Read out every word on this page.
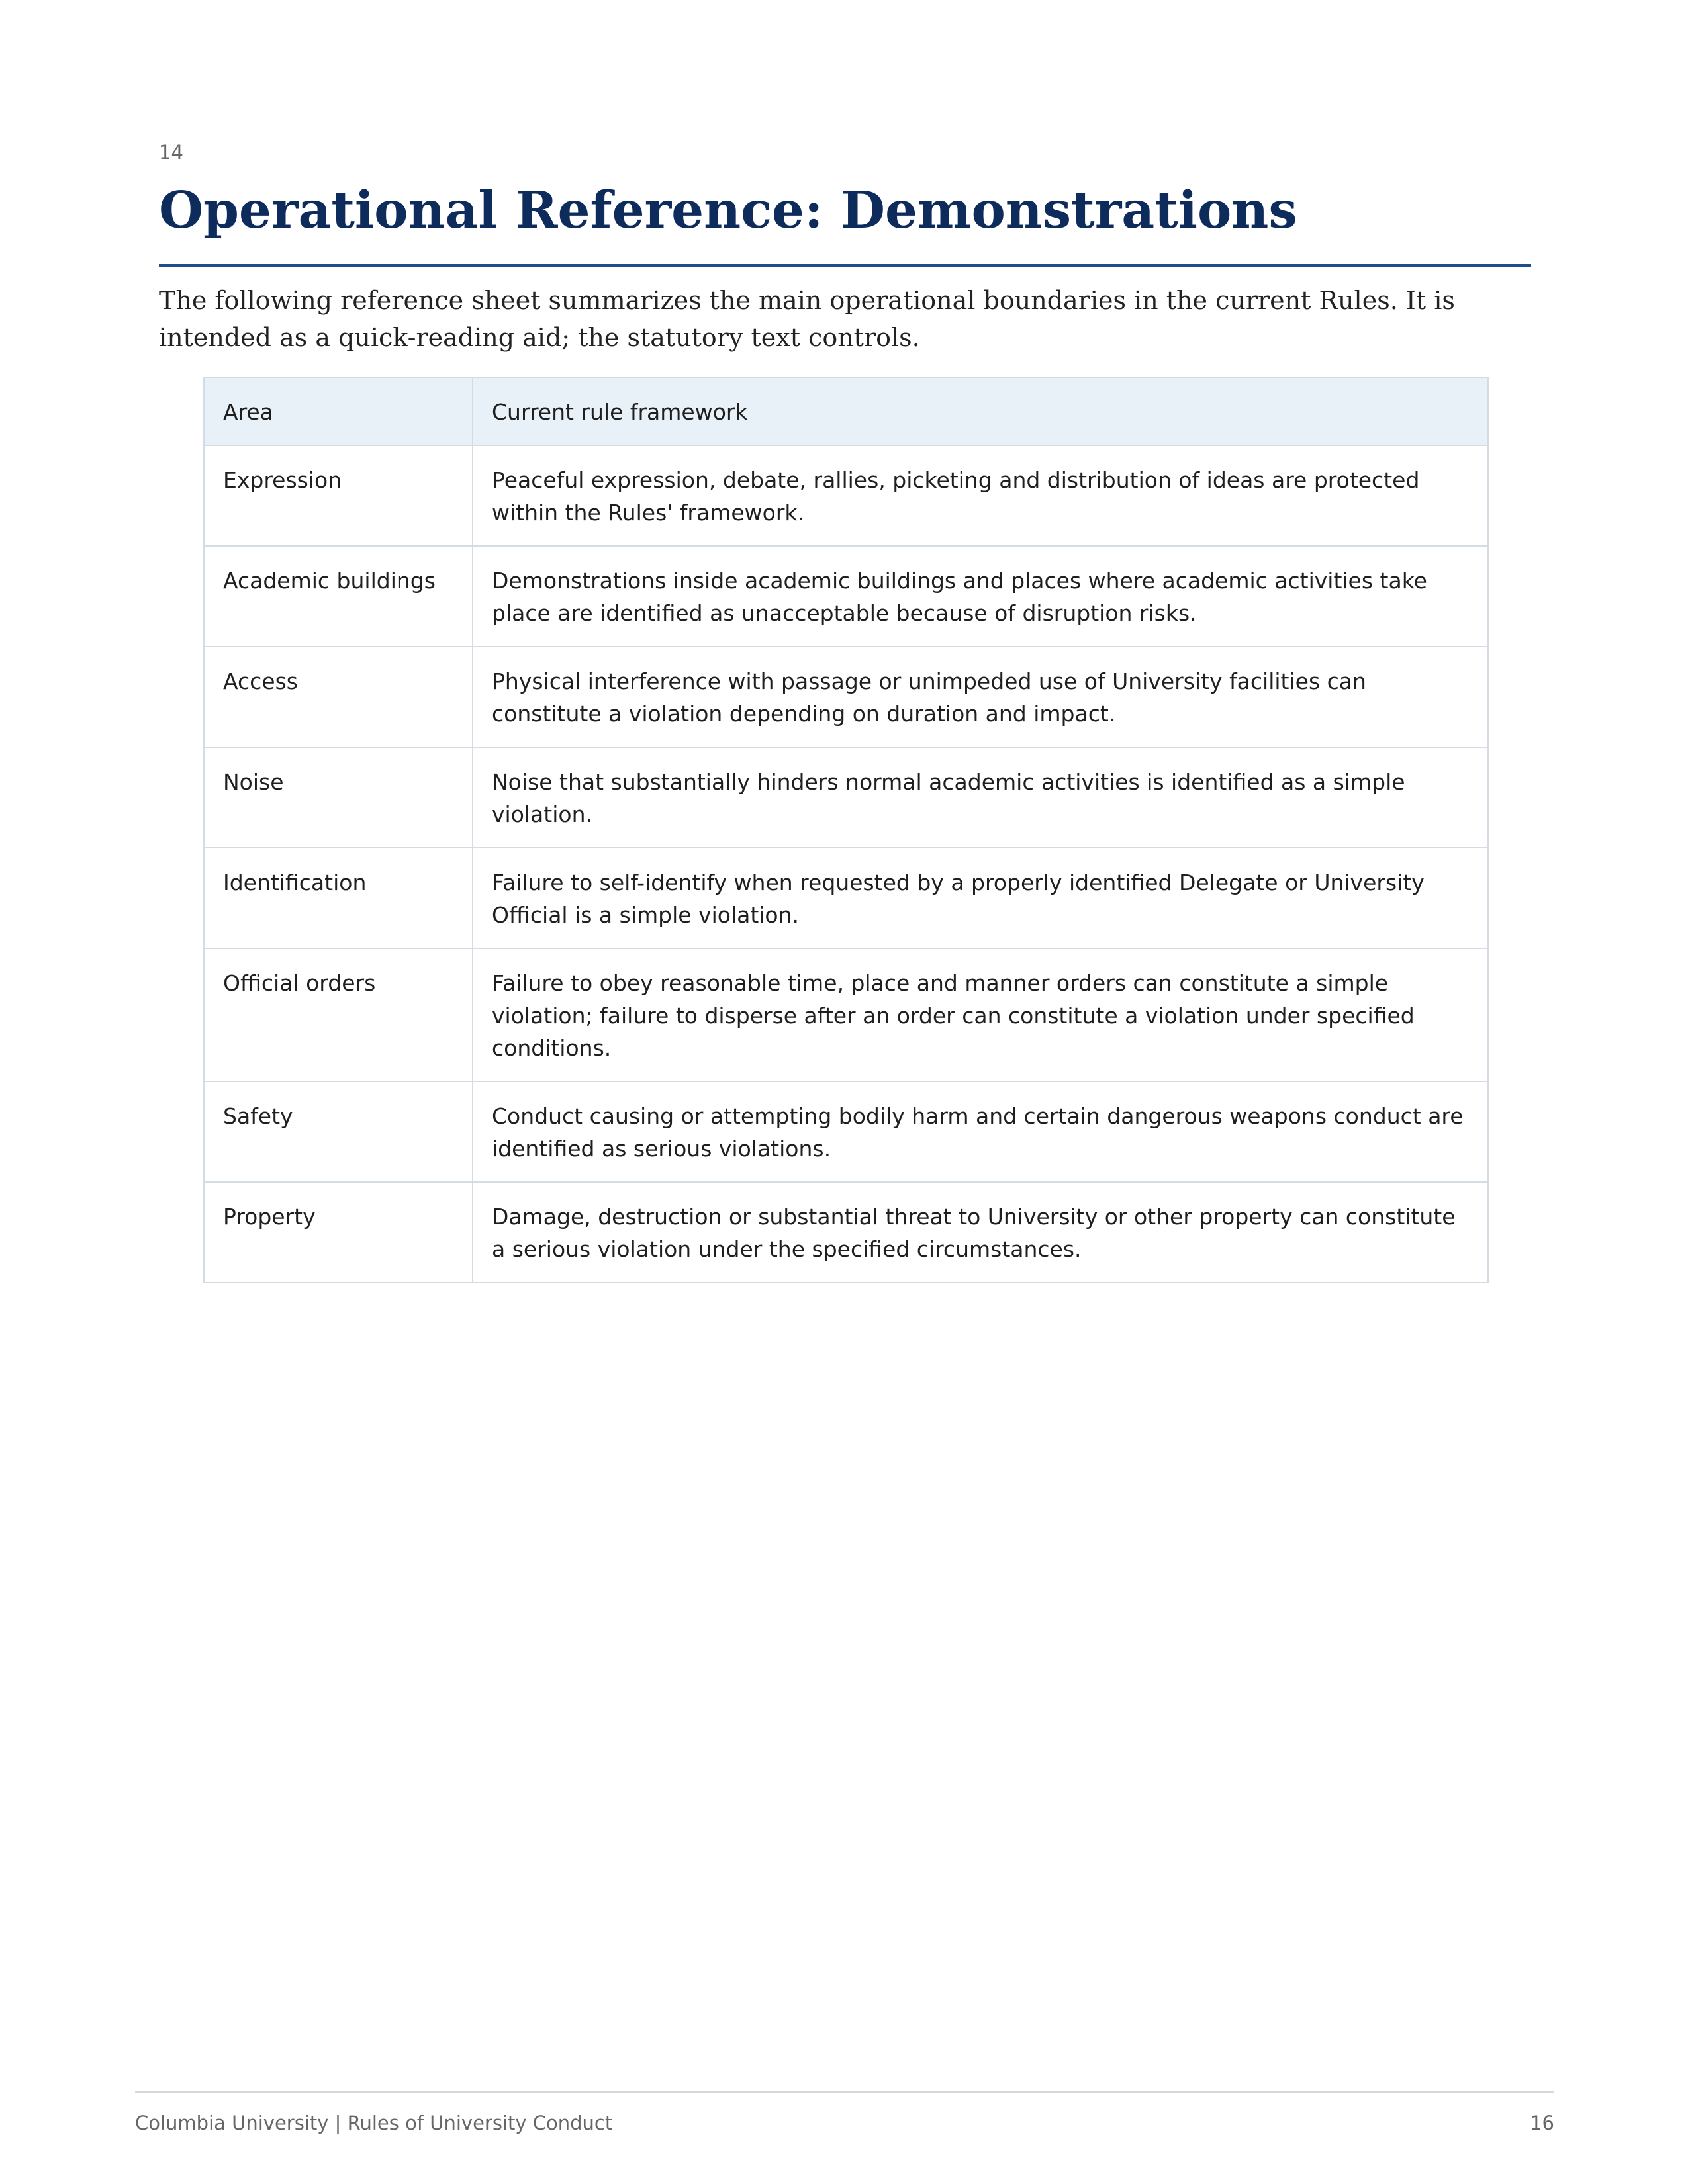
14
Operational Reference: Demonstrations

The following reference sheet summarizes the main operational boundaries in the current Rules. It is intended as a quick-reading aid; the statutory text controls.

Area	Current rule framework
Expression	Peaceful expression, debate, rallies, picketing and distribution of ideas are protected within the Rules' framework.
Academic buildings	Demonstrations inside academic buildings and places where academic activities take place are identified as unacceptable because of disruption risks.
Access	Physical interference with passage or unimpeded use of University facilities can constitute a violation depending on duration and impact.
Noise	Noise that substantially hinders normal academic activities is identified as a simple violation.
Identification	Failure to self-identify when requested by a properly identified Delegate or University Official is a simple violation.
Official orders	Failure to obey reasonable time, place and manner orders can constitute a simple violation; failure to disperse after an order can constitute a violation under specified conditions.
Safety	Conduct causing or attempting bodily harm and certain dangerous weapons conduct are identified as serious violations.
Property	Damage, destruction or substantial threat to University or other property can constitute a serious violation under the specified circumstances.
Columbia University | Rules of University Conduct	16
